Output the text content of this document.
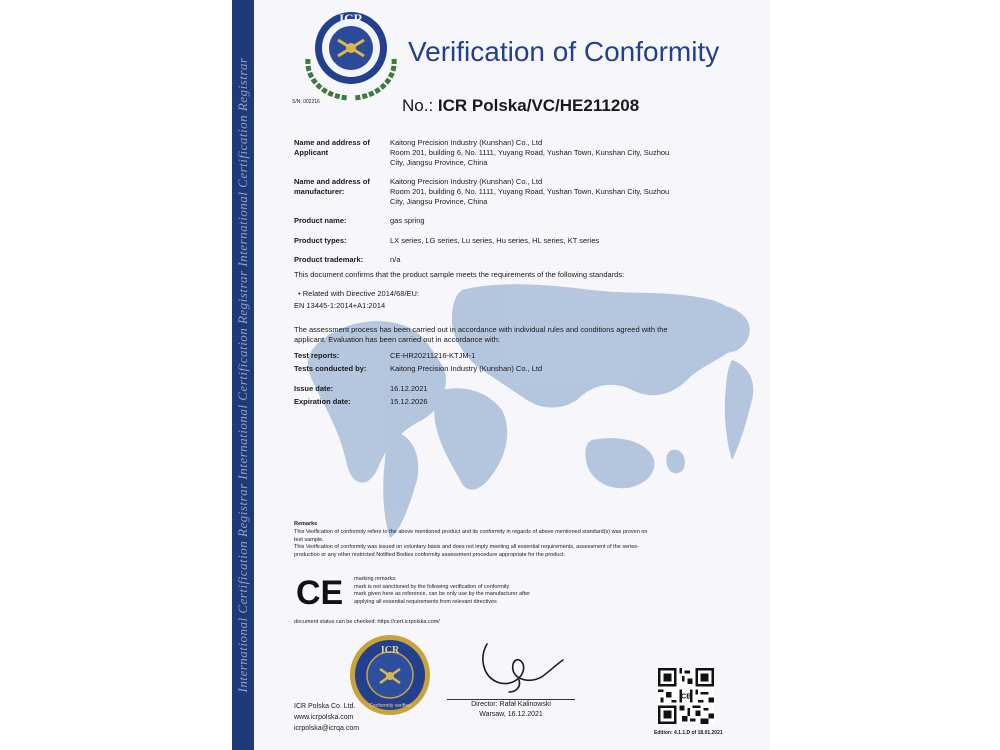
International Certification Registrar International Certification Registrar International Certification Registrar
ICR
Verification of Conformity
S/N: 002216	No.: ICR Polska/VC/HE211208
Name and address of
Applicant
Kaitong Precision Industry (Kunshan) Co., Ltd
Room 201, building 6, No. 1111, Yuyang Road, Yushan Town, Kunshan City, Suzhou
City, Jiangsu Province, China
Name and address of
manufacturer:
Kaitong Precision Industry (Kunshan) Co., Ltd
Room 201, building 6, No. 1111, Yuyang Road, Yushan Town, Kunshan City, Suzhou
City, Jiangsu Province, China
Product name:	gas spring
Product types:	LX series, LG series, Lu series, Hu series, HL series, KT series
Product trademark:	n/a
This document confirms that the product sample meets the requirements of the following standards:
• Related with Directive 2014/68/EU:
EN 13445-1:2014+A1:2014
The assessment process has been carried out in accordance with individual rules and conditions agreed with the
applicant. Evaluation has been carried out in accordance with:
Test reports:	CE-HR20211216-KTJM-1
Tests conducted by:	Kaitong Precision Industry (Kunshan) Co., Ltd
Issue date:	16.12.2021
Expiration date:	15.12.2026
Remarks
This Verification of conformity refers to the above mentioned product and its conformity in regards of above mentioned standard(s) was proven on
test sample.
This Verification of conformity was issued on voluntary basis and does not imply meeting all essential requirements, assessment of the series-
production or any other restricted Notified Bodies conformity assessment procedure appropriate for the product.
CE marking remarks:
mark is not sanctioned by the following verification of conformity
mark given here as reference, can be only use by the manufacturer after
applying all essential requirements from relevant directives
document status can be checked: https://cert.icrpolska.com/
ICR
Conformity verified	Director: Rafał Kalinowski
Warsaw, 16.12.2021
ICR Polska Co. Ltd.
www.icrpolska.com
icrpolska@icrqa.com
CE
Edition: 4.1.1.D of 18.01.2021
